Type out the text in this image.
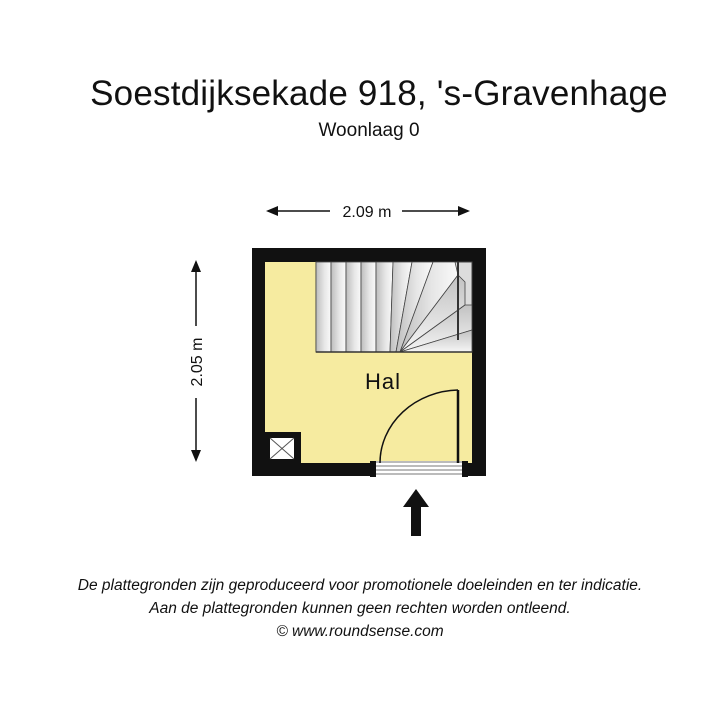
Soestdijksekade 918, 's-Gravenhage
Woonlaag 0
2.09 m
2.05 m	Hal
De plattegronden zijn geproduceerd voor promotionele doeleinden en ter indicatie.
Aan de plattegronden kunnen geen rechten worden ontleend.
© www.roundsense.com
